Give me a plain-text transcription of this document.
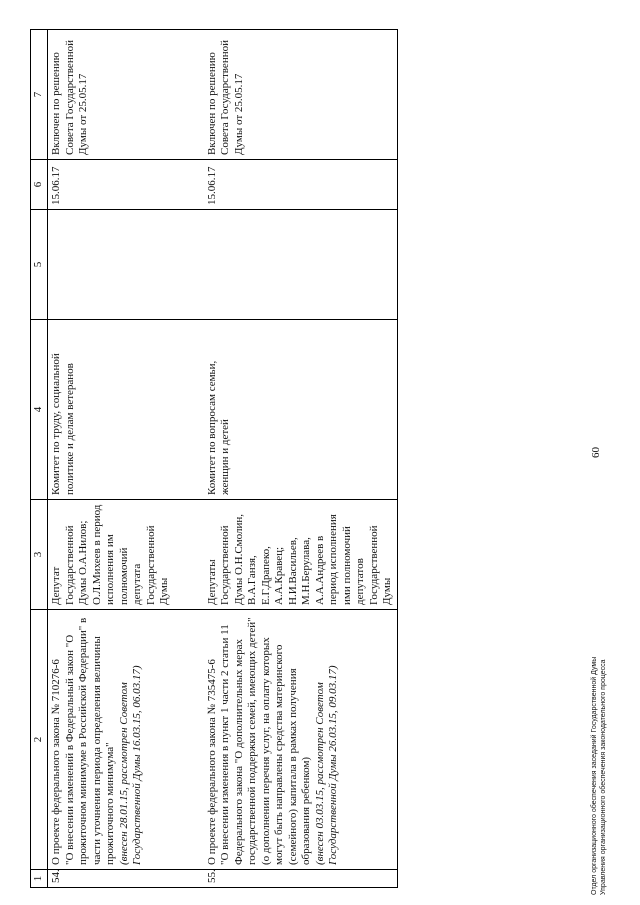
60
1	2	3	4	5	6	7
54.	О проекте федерального закона № 710276-6 "О внесении изменений в Федеральный закон "О прожиточном минимуме в Российской Федерации" в части уточнения периода определения величины прожиточного минимума" (внесен 28.01.15, рассмотрен Советом Государственной Думы 16.03.15, 06.03.17)	Депутат Государственной Думы О.А.Нилов; О.Л.Михеев в период исполнения им полномочий депутата Государственной Думы	Комитет по труду, социальной политике и делам ветеранов		15.06.17	Включен по решению Совета Государственной Думы от 25.05.17
55.	О проекте федерального закона № 735475-6 "О внесении изменения в пункт 1 части 2 статьи 11 Федерального закона "О дополнительных мерах государственной поддержки семей, имеющих детей" (о дополнении перечня услуг, на оплату которых могут быть направлены средства материнского (семейного) капитала в рамках получения образования ребенком) (внесен 03.03.15, рассмотрен Советом Государственной Думы 26.03.15, 09.03.17)	Депутаты Государственной Думы О.Н.Смолин, В.А.Ганзя, Е.Г.Драпеко, А.А.Кравец; Н.И.Васильев, М.Н.Берулава, А.А.Андреев в период исполнения ими полномочий депутатов Государственной Думы	Комитет по вопросам семьи, женщин и детей		15.06.17	Включен по решению Совета Государственной Думы от 25.05.17
Отдел организационного обеспечения заседаний Государственной Думы Управления организационного обеспечения законодательного процесса
